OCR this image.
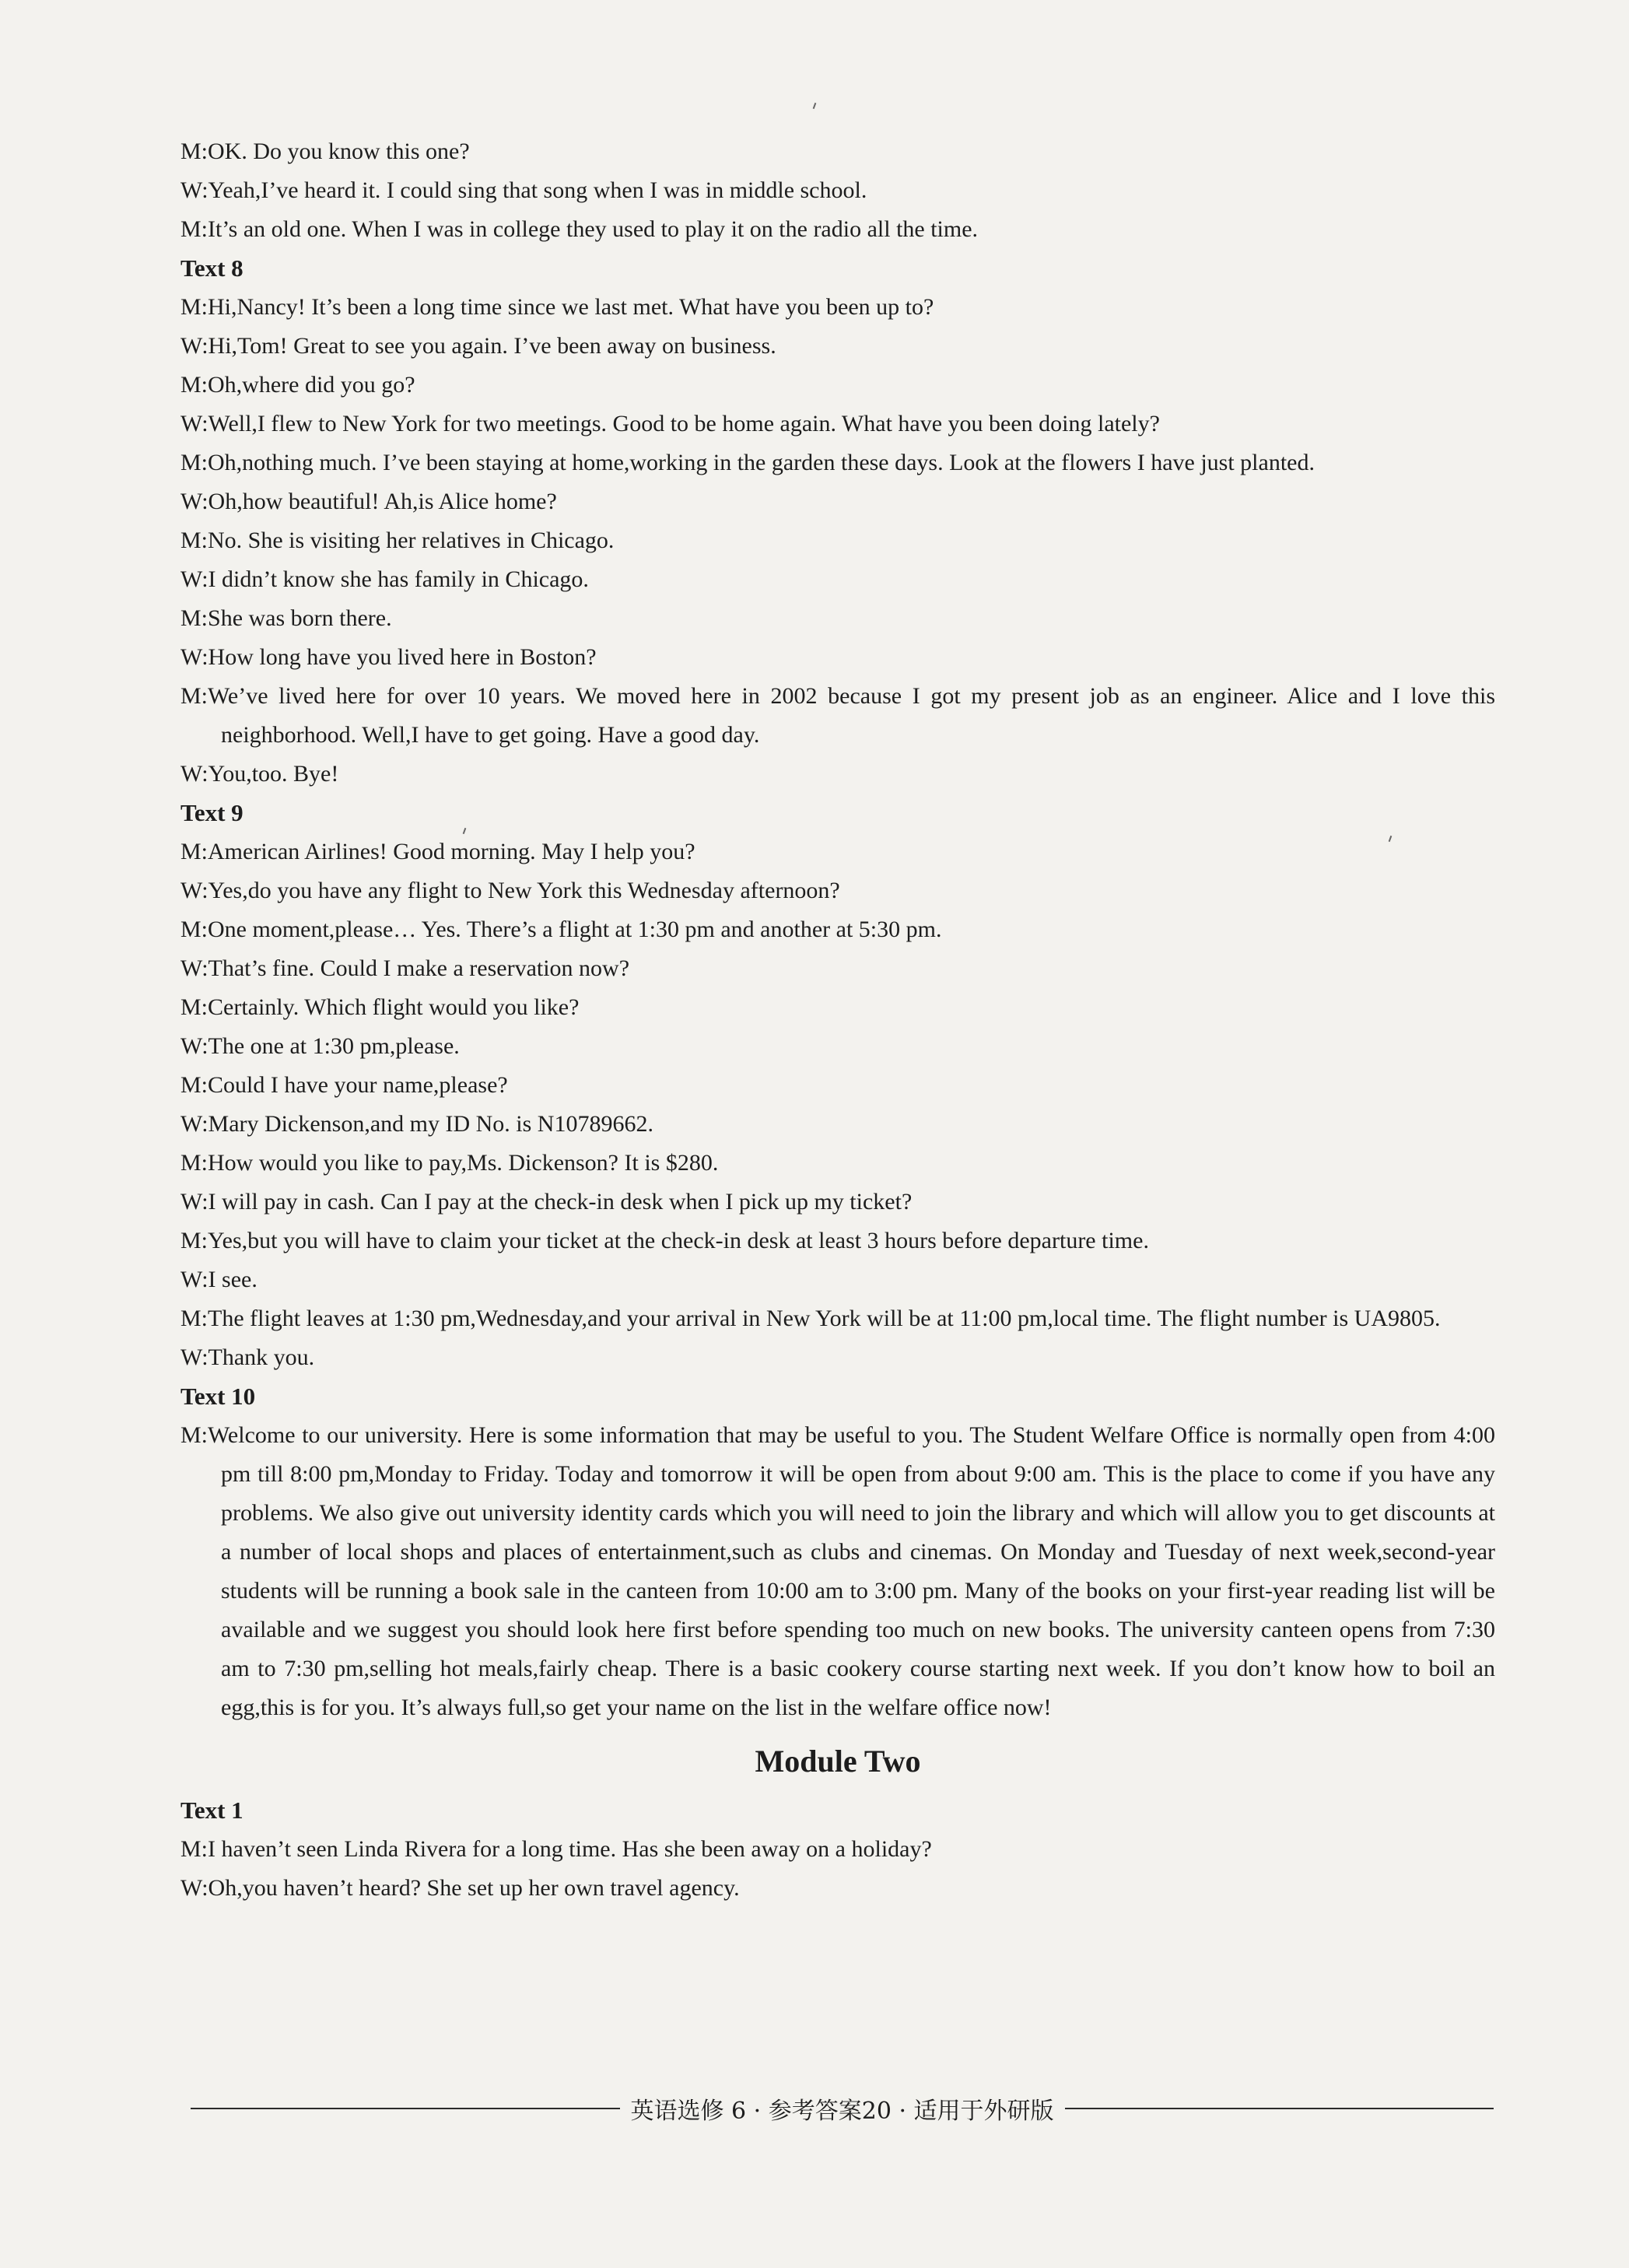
M:OK. Do you know this one?
W:Yeah,I’ve heard it. I could sing that song when I was in middle school.
M:It’s an old one. When I was in college they used to play it on the radio all the time.
Text 8
M:Hi,Nancy! It’s been a long time since we last met. What have you been up to?
W:Hi,Tom! Great to see you again. I’ve been away on business.
M:Oh,where did you go?
W:Well,I flew to New York for two meetings. Good to be home again. What have you been doing lately?
M:Oh,nothing much. I’ve been staying at home,working in the garden these days. Look at the flowers I have just planted.
W:Oh,how beautiful! Ah,is Alice home?
M:No. She is visiting her relatives in Chicago.
W:I didn’t know she has family in Chicago.
M:She was born there.
W:How long have you lived here in Boston?
M:We’ve lived here for over 10 years. We moved here in 2002 because I got my present job as an engineer. Alice and I love this neighborhood. Well,I have to get going. Have a good day.
W:You,too. Bye!
Text 9
M:American Airlines! Good morning. May I help you?
W:Yes,do you have any flight to New York this Wednesday afternoon?
M:One moment,please… Yes. There’s a flight at 1:30 pm and another at 5:30 pm.
W:That’s fine. Could I make a reservation now?
M:Certainly. Which flight would you like?
W:The one at 1:30 pm,please.
M:Could I have your name,please?
W:Mary Dickenson,and my ID No. is N10789662.
M:How would you like to pay,Ms. Dickenson? It is $280.
W:I will pay in cash. Can I pay at the check-in desk when I pick up my ticket?
M:Yes,but you will have to claim your ticket at the check-in desk at least 3 hours before departure time.
W:I see.
M:The flight leaves at 1:30 pm,Wednesday,and your arrival in New York will be at 11:00 pm,local time. The flight number is UA9805.
W:Thank you.
Text 10
M:Welcome to our university. Here is some information that may be useful to you. The Student Welfare Office is normally open from 4:00 pm till 8:00 pm,Monday to Friday. Today and tomorrow it will be open from about 9:00 am. This is the place to come if you have any problems. We also give out university identity cards which you will need to join the library and which will allow you to get discounts at a number of local shops and places of entertainment,such as clubs and cinemas. On Monday and Tuesday of next week,second-year students will be running a book sale in the canteen from 10:00 am to 3:00 pm. Many of the books on your first-year reading list will be available and we suggest you should look here first before spending too much on new books. The university canteen opens from 7:30 am to 7:30 pm,selling hot meals,fairly cheap. There is a basic cookery course starting next week. If you don’t know how to boil an egg,this is for you. It’s always full,so get your name on the list in the welfare office now!
Module Two
Text 1
M:I haven’t seen Linda Rivera for a long time. Has she been away on a holiday?
W:Oh,you haven’t heard? She set up her own travel agency.
英语选修 6 · 参考答案20 · 适用于外研版
